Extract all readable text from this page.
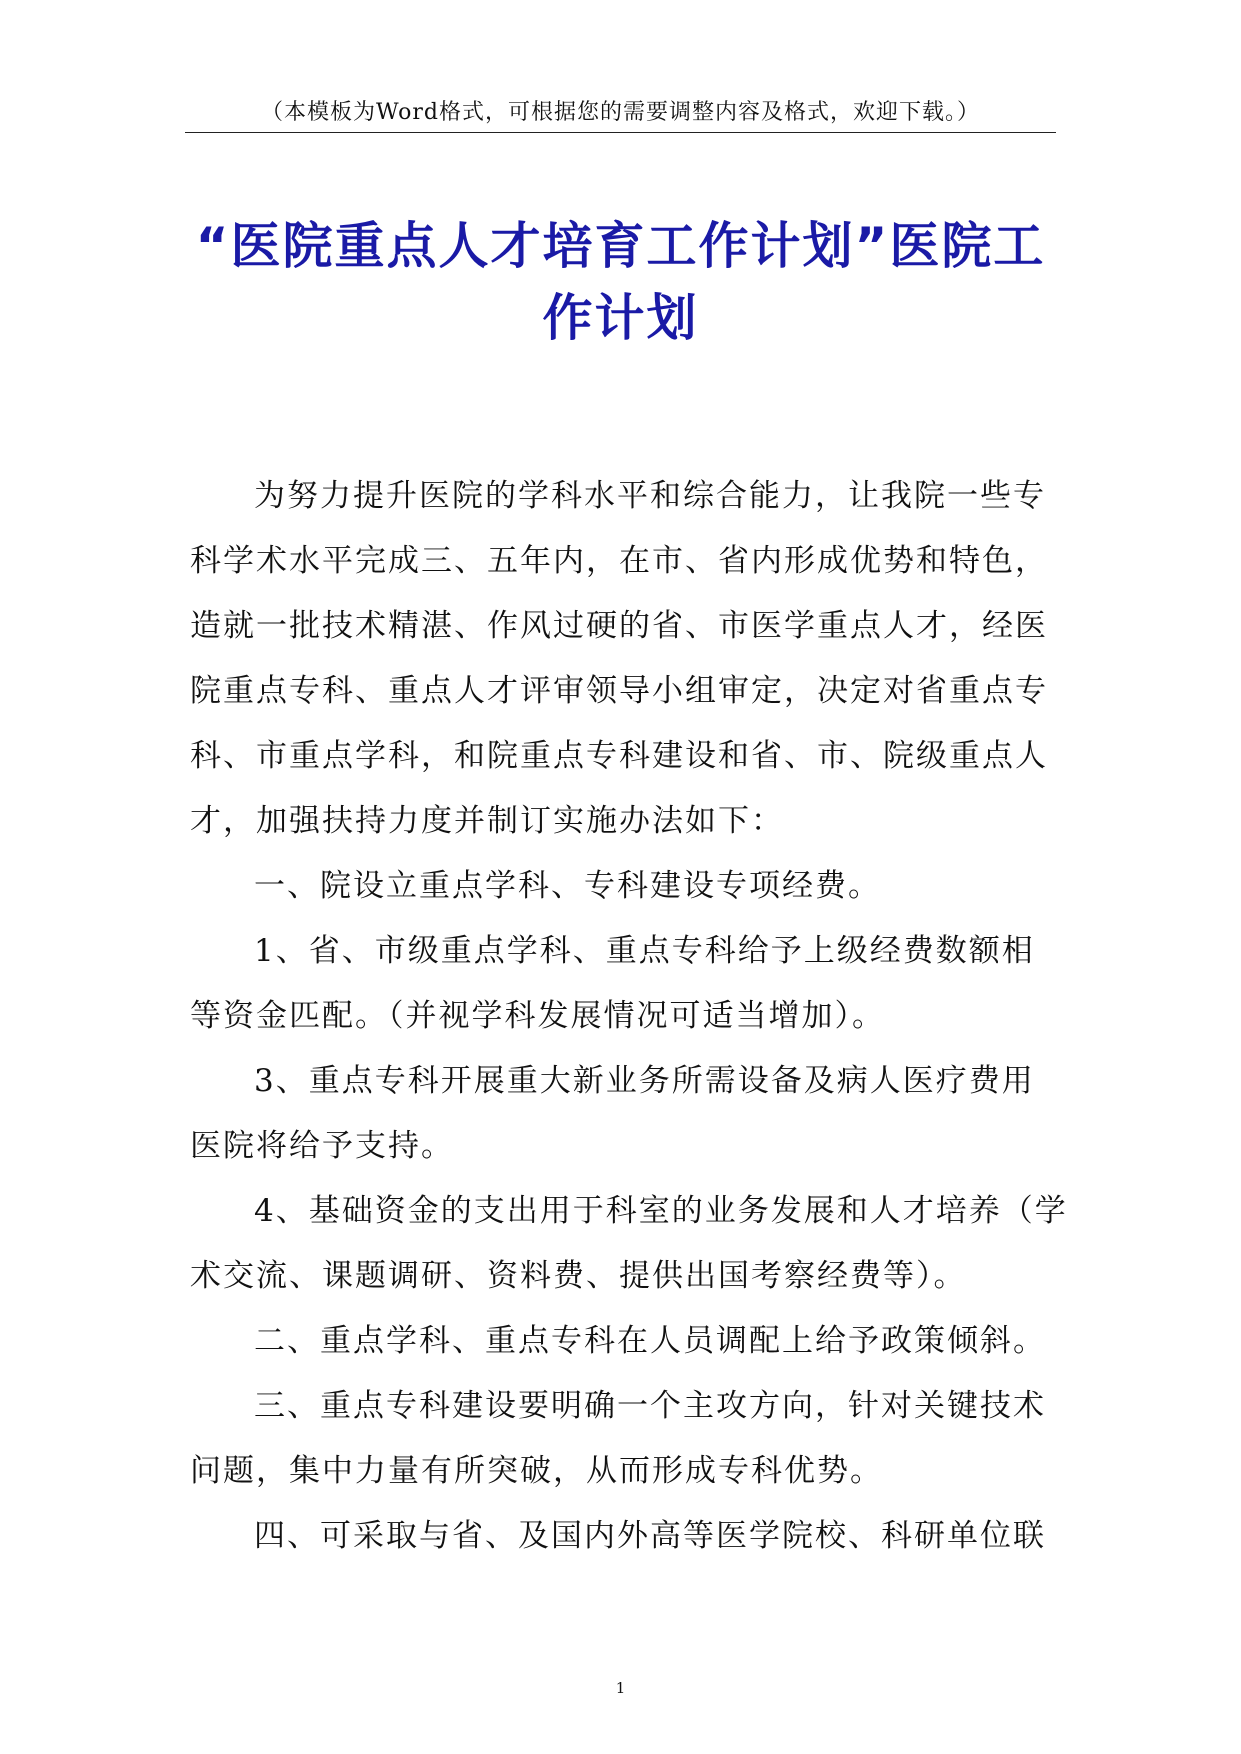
（本模板为Word格式，可根据您的需要调整内容及格式，欢迎下载。）
“医院重点人才培育工作计划”医院工
作计划

为努力提升医院的学科水平和综合能力，让我院一些专

科学术水平完成三、五年内，在市、省内形成优势和特色，

造就一批技术精湛、作风过硬的省、市医学重点人才，经医

院重点专科、重点人才评审领导小组审定，决定对省重点专

科、市重点学科，和院重点专科建设和省、市、院级重点人

才，加强扶持力度并制订实施办法如下：

一、院设立重点学科、专科建设专项经费。

1、省、市级重点学科、重点专科给予上级经费数额相

等资金匹配。（并视学科发展情况可适当增加）。

3、重点专科开展重大新业务所需设备及病人医疗费用

医院将给予支持。

4、基础资金的支出用于科室的业务发展和人才培养（学

术交流、课题调研、资料费、提供出国考察经费等）。

二、重点学科、重点专科在人员调配上给予政策倾斜。

三、重点专科建设要明确一个主攻方向，针对关键技术

问题，集中力量有所突破，从而形成专科优势。

四、可采取与省、及国内外高等医学院校、科研单位联

1
